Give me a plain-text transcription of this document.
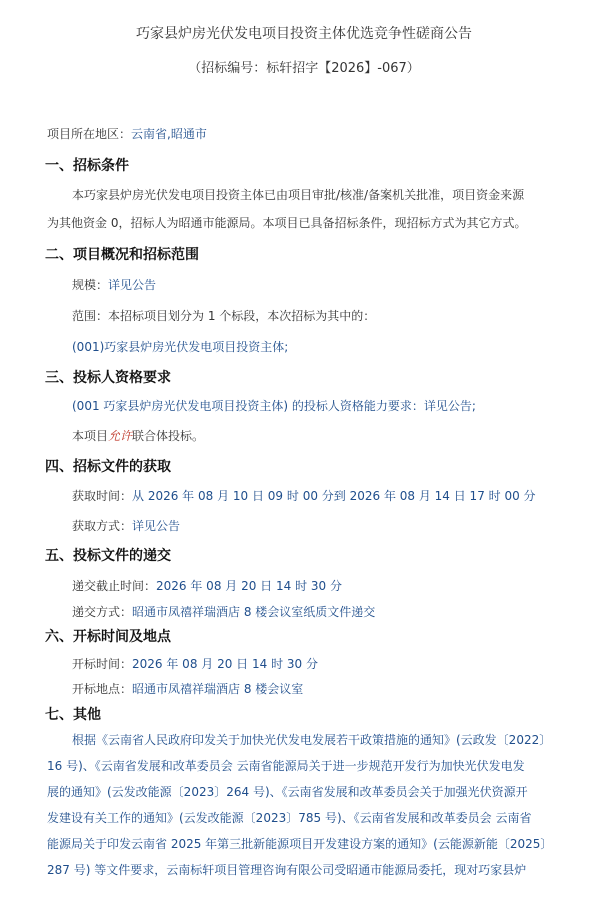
巧家县炉房光伏发电项目投资主体优选竞争性磋商公告
（招标编号：标轩招字【2026】-067）
项目所在地区：云南省,昭通市
一、招标条件
本巧家县炉房光伏发电项目投资主体已由项目审批/核准/备案机关批准，项目资金来源
为其他资金 0，招标人为昭通市能源局。本项目已具备招标条件，现招标方式为其它方式。
二、项目概况和招标范围
规模：详见公告
范围：本招标项目划分为 1 个标段，本次招标为其中的：
(001)巧家县炉房光伏发电项目投资主体;
三、投标人资格要求
(001 巧家县炉房光伏发电项目投资主体) 的投标人资格能力要求：详见公告;
本项目允许联合体投标。
四、招标文件的获取
获取时间：从 2026 年 08 月 10 日 09 时 00 分到 2026 年 08 月 14 日 17 时 00 分
获取方式：详见公告
五、投标文件的递交
递交截止时间：2026 年 08 月 20 日 14 时 30 分
递交方式：昭通市凤禧祥瑞酒店 8 楼会议室纸质文件递交
六、开标时间及地点
开标时间：2026 年 08 月 20 日 14 时 30 分
开标地点：昭通市凤禧祥瑞酒店 8 楼会议室
七、其他
根据《云南省人民政府印发关于加快光伏发电发展若干政策措施的通知》(云政发〔2022〕
16 号)、《云南省发展和改革委员会 云南省能源局关于进一步规范开发行为加快光伏发电发
展的通知》(云发改能源〔2023〕264 号)、《云南省发展和改革委员会关于加强光伏资源开
发建设有关工作的通知》(云发改能源〔2023〕785 号)、《云南省发展和改革委员会 云南省
能源局关于印发云南省 2025 年第三批新能源项目开发建设方案的通知》(云能源新能〔2025〕
287 号) 等文件要求，云南标轩项目管理咨询有限公司受昭通市能源局委托，现对巧家县炉
